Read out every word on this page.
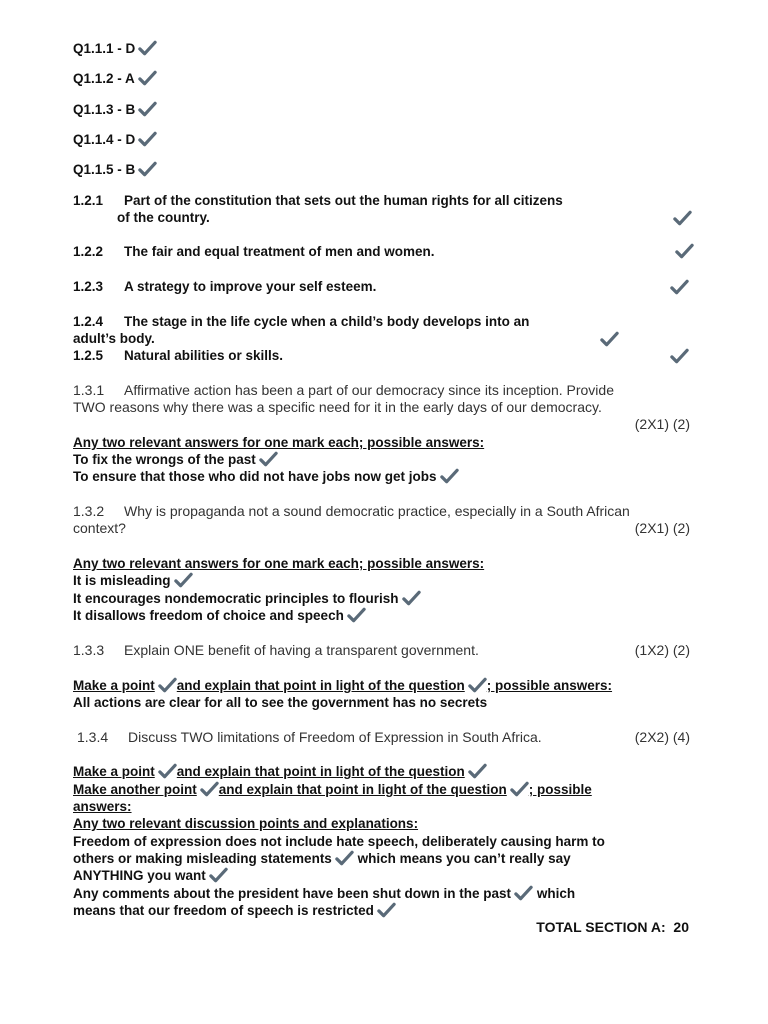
Q1.1.1 - D
Q1.1.2 - A
Q1.1.3 - B
Q1.1.4 - D
Q1.1.5 - B
1.2.1 Part of the constitution that sets out the human rights for all citizens
of the country.
1.2.2 The fair and equal treatment of men and women.
1.2.3 A strategy to improve your self esteem.
1.2.4 The stage in the life cycle when a child’s body develops into an
adult’s body.
1.2.5 Natural abilities or skills.
1.3.1 Affirmative action has been a part of our democracy since its inception. Provide
TWO reasons why there was a specific need for it in the early days of our democracy.
(2X1) (2)
Any two relevant answers for one mark each; possible answers:
To fix the wrongs of the past
To ensure that those who did not have jobs now get jobs
1.3.2 Why is propaganda not a sound democratic practice, especially in a South African
context?	(2X1) (2)
Any two relevant answers for one mark each; possible answers:
It is misleading
It encourages nondemocratic principles to flourish
It disallows freedom of choice and speech
1.3.3 Explain ONE benefit of having a transparent government.	(1X2) (2)
Make a point and explain that point in light of the question ; possible answers:
All actions are clear for all to see the government has no secrets
1.3.4 Discuss TWO limitations of Freedom of Expression in South Africa.	(2X2) (4)
Make a point and explain that point in light of the question
Make another point and explain that point in light of the question ; possible
answers:
Any two relevant discussion points and explanations:
Freedom of expression does not include hate speech, deliberately causing harm to
others or making misleading statements which means you can’t really say
ANYTHING you want
Any comments about the president have been shut down in the past which
means that our freedom of speech is restricted
TOTAL SECTION A: 20
